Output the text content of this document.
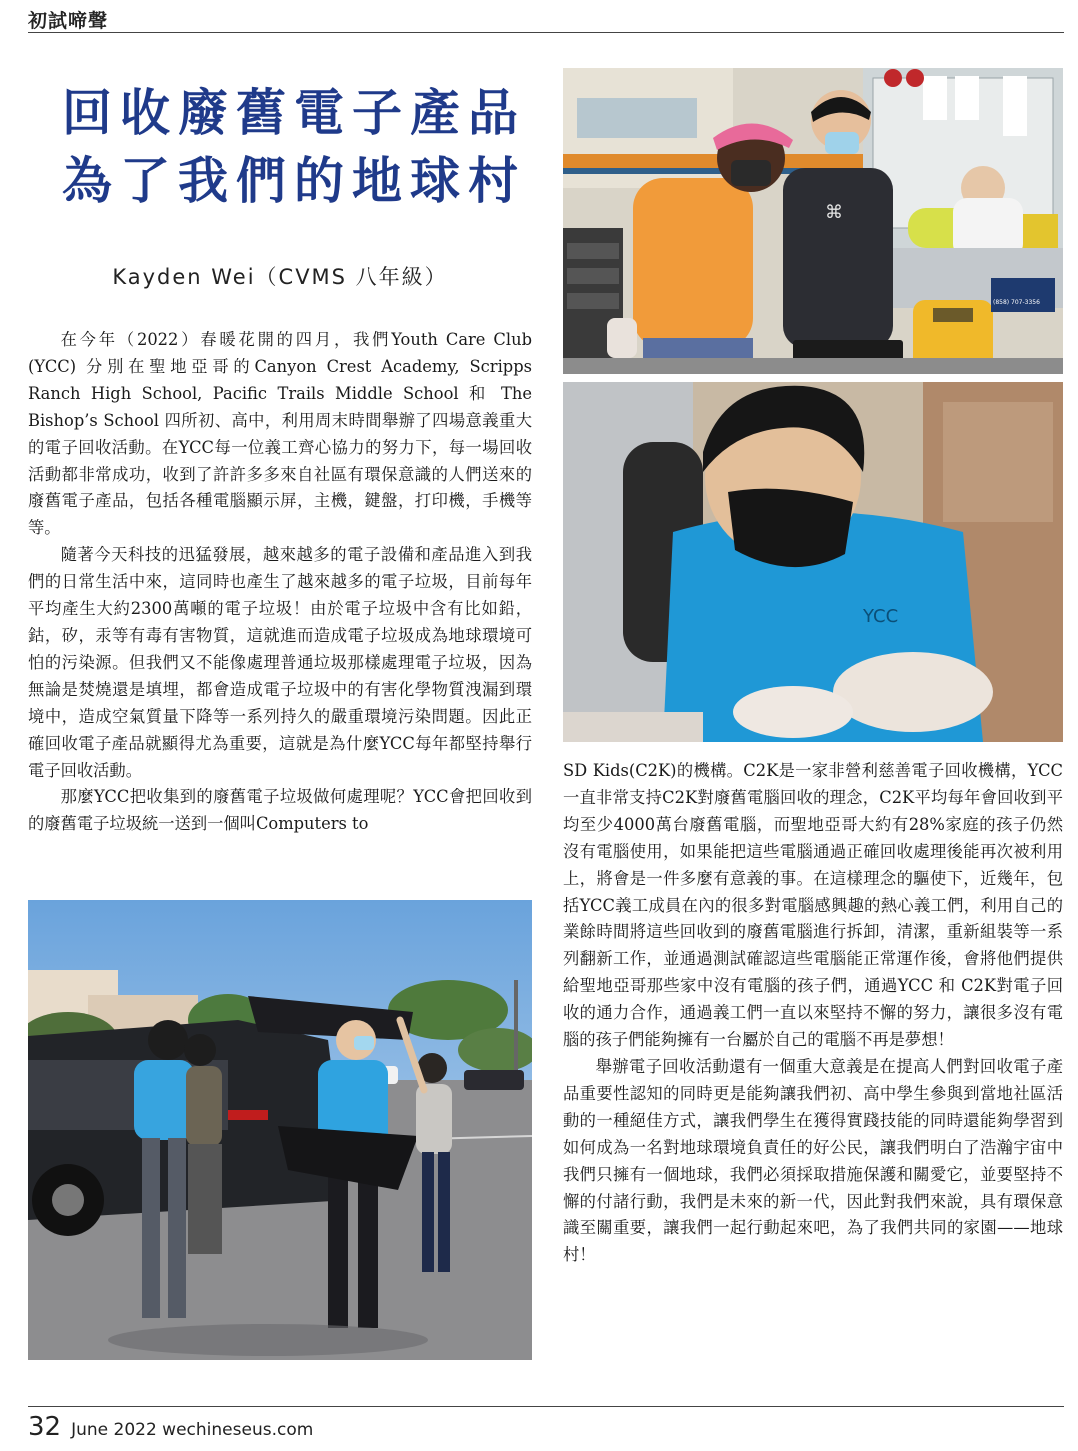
初試啼聲
回收廢舊電子產品
為了我們的地球村
Kayden Wei（CVMS 八年級）

在今年（2022）春暖花開的四月，我們Youth Care Club (YCC) 分別在聖地亞哥的Canyon Crest Academy, Scripps Ranch High School, Pacific Trails Middle School 和 The Bishop’s School 四所初、高中，利用周末時間舉辦了四場意義重大的電子回收活動。在YCC每一位義工齊心協力的努力下，每一場回收活動都非常成功，收到了許許多多來自社區有環保意識的人們送來的廢舊電子產品，包括各種電腦顯示屏，主機，鍵盤，打印機，手機等等。

隨著今天科技的迅猛發展，越來越多的電子設備和產品進入到我們的日常生活中來，這同時也產生了越來越多的電子垃圾，目前每年平均產生大約2300萬噸的電子垃圾！由於電子垃圾中含有比如鉛，鈷，矽，汞等有毒有害物質，這就進而造成電子垃圾成為地球環境可怕的污染源。但我們又不能像處理普通垃圾那樣處理電子垃圾，因為無論是焚燒還是填埋，都會造成電子垃圾中的有害化學物質洩漏到環境中，造成空氣質量下降等一系列持久的嚴重環境污染問題。因此正確回收電子產品就顯得尤為重要，這就是為什麼YCC每年都堅持舉行電子回收活動。

那麼YCC把收集到的廢舊電子垃圾做何處理呢？YCC會把回收到的廢舊電子垃圾統一送到一個叫Computers to

SD Kids(C2K)的機構。C2K是一家非營利慈善電子回收機構，YCC一直非常支持C2K對廢舊電腦回收的理念，C2K平均每年會回收到平均至少4000萬台廢舊電腦，而聖地亞哥大約有28%家庭的孩子仍然沒有電腦使用，如果能把這些電腦通過正確回收處理後能再次被利用上，將會是一件多麼有意義的事。在這樣理念的驅使下，近幾年，包括YCC義工成員在內的很多對電腦感興趣的熱心義工們，利用自己的業餘時間將這些回收到的廢舊電腦進行拆卸，清潔，重新組裝等一系列翻新工作，並通過測試確認這些電腦能正常運作後，會將他們提供給聖地亞哥那些家中沒有電腦的孩子們，通過YCC 和 C2K對電子回收的通力合作，通過義工們一直以來堅持不懈的努力，讓很多沒有電腦的孩子們能夠擁有一台屬於自己的電腦不再是夢想！

舉辦電子回收活動還有一個重大意義是在提高人們對回收電子產品重要性認知的同時更是能夠讓我們初、高中學生參與到當地社區活動的一種絕佳方式，讓我們學生在獲得實踐技能的同時還能夠學習到如何成為一名對地球環境負責任的好公民，讓我們明白了浩瀚宇宙中我們只擁有一個地球，我們必須採取措施保護和關愛它，並要堅持不懈的付諸行動，我們是未來的新一代，因此對我們來說，具有環保意識至關重要，讓我們一起行動起來吧，為了我們共同的家園——地球村！

⌘
(858) 707-3356
YCC
32 June 2022 wechineseus.com
